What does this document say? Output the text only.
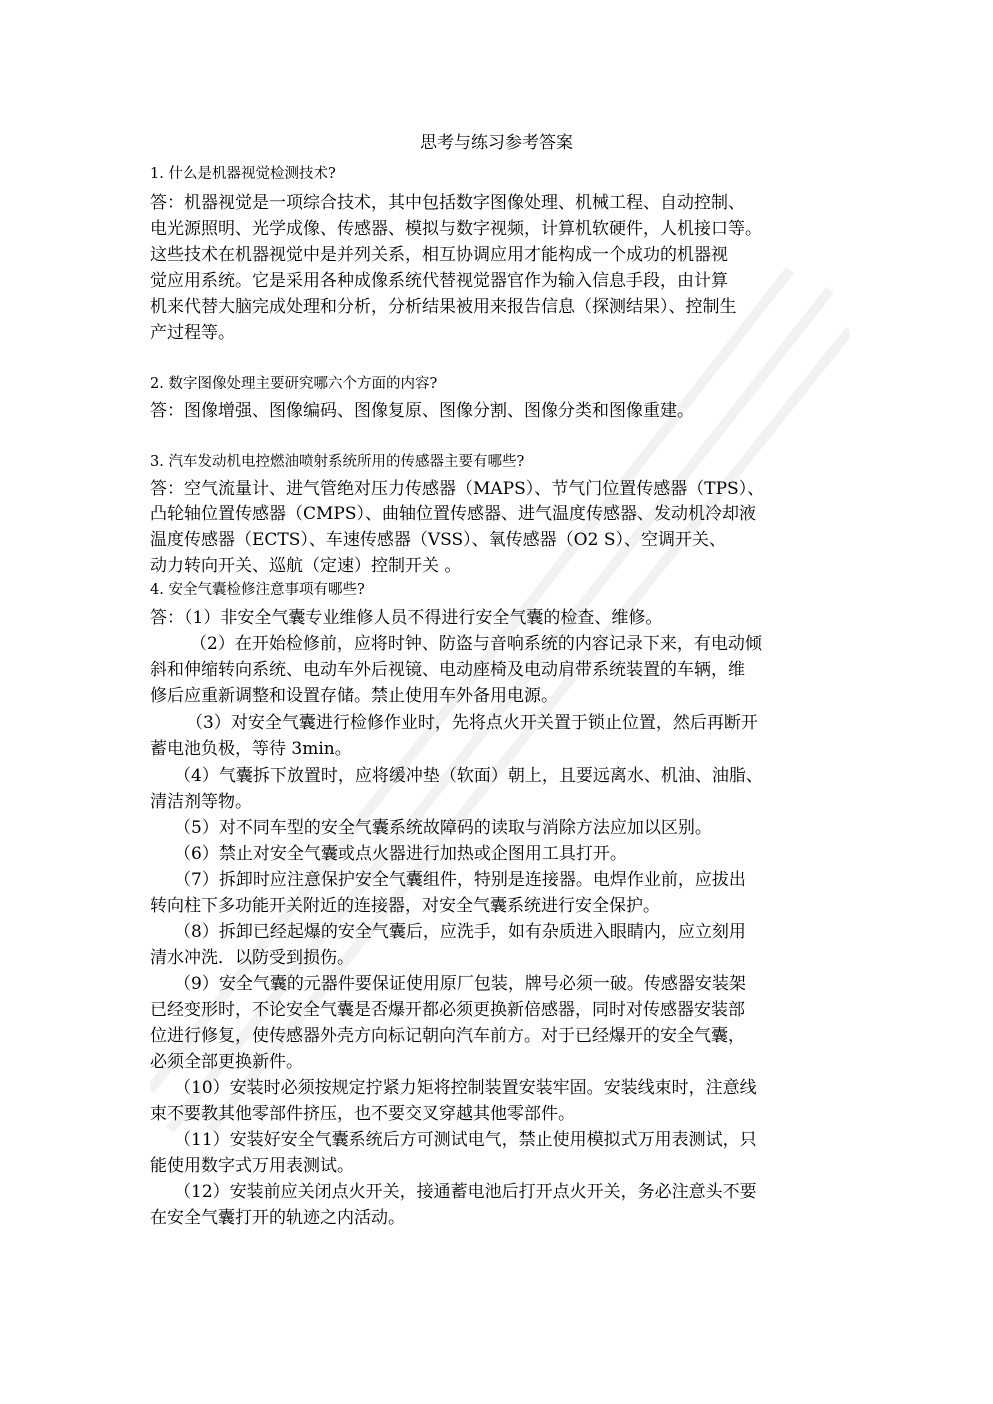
思考与练习参考答案
1. 什么是机器视觉检测技术?
答：机器视觉是一项综合技术，其中包括数字图像处理、机械工程、自动控制、
电光源照明、光学成像、传感器、模拟与数字视频，计算机软硬件，人机接口等。
这些技术在机器视觉中是并列关系，相互协调应用才能构成一个成功的机器视
觉应用系统。它是采用各种成像系统代替视觉器官作为输入信息手段，由计算
机来代替大脑完成处理和分析，分析结果被用来报告信息（探测结果）、控制生
产过程等。
2. 数字图像处理主要研究哪六个方面的内容?
答：图像增强、图像编码、图像复原、图像分割、图像分类和图像重建。
3. 汽车发动机电控燃油喷射系统所用的传感器主要有哪些?
答：空气流量计、进气管绝对压力传感器（MAPS）、节气门位置传感器（TPS）、
凸轮轴位置传感器（CMPS）、曲轴位置传感器、进气温度传感器、发动机冷却液
温度传感器（ECTS）、车速传感器（VSS）、氧传感器（O2 S）、空调开关、
动力转向开关、巡航（定速）控制开关 。
4. 安全气囊检修注意事项有哪些?
答：（1）非安全气囊专业维修人员不得进行安全气囊的检查、维修。
（2）在开始检修前，应将时钟、防盗与音响系统的内容记录下来，有电动倾
斜和伸缩转向系统、电动车外后视镜、电动座椅及电动肩带系统装置的车辆，维
修后应重新调整和设置存储。禁止使用车外备用电源。
（3）对安全气囊进行检修作业时，先将点火开关置于锁止位置，然后再断开
蓄电池负极，等待 3min。
（4）气囊拆下放置时，应将缓冲垫（软面）朝上，且要远离水、机油、油脂、
清洁剂等物。
（5）对不同车型的安全气囊系统故障码的读取与消除方法应加以区别。
（6）禁止对安全气囊或点火器进行加热或企图用工具打开。
（7）拆卸时应注意保护安全气囊组件，特别是连接器。电焊作业前，应拔出
转向柱下多功能开关附近的连接器，对安全气囊系统进行安全保护。
（8）拆卸已经起爆的安全气囊后，应洗手，如有杂质进入眼睛内，应立刻用
清水冲洗．以防受到损伤。
（9）安全气囊的元器件要保证使用原厂包装，牌号必须一破。传感器安装架
已经变形时，不论安全气囊是否爆开都必须更换新倍感器，同时对传感器安装部
位进行修复，使传感器外壳方向标记朝向汽车前方。对于已经爆开的安全气囊，
必须全部更换新件。
（10）安装时必须按规定拧紧力矩将控制装置安装牢固。安装线束时，注意线
束不要教其他零部件挤压，也不要交叉穿越其他零部件。
（11）安装好安全气囊系统后方可测试电气，禁止使用模拟式万用表测试，只
能使用数字式万用表测试。
（12）安装前应关闭点火开关，接通蓄电池后打开点火开关，务必注意头不要
在安全气囊打开的轨迹之内活动。
